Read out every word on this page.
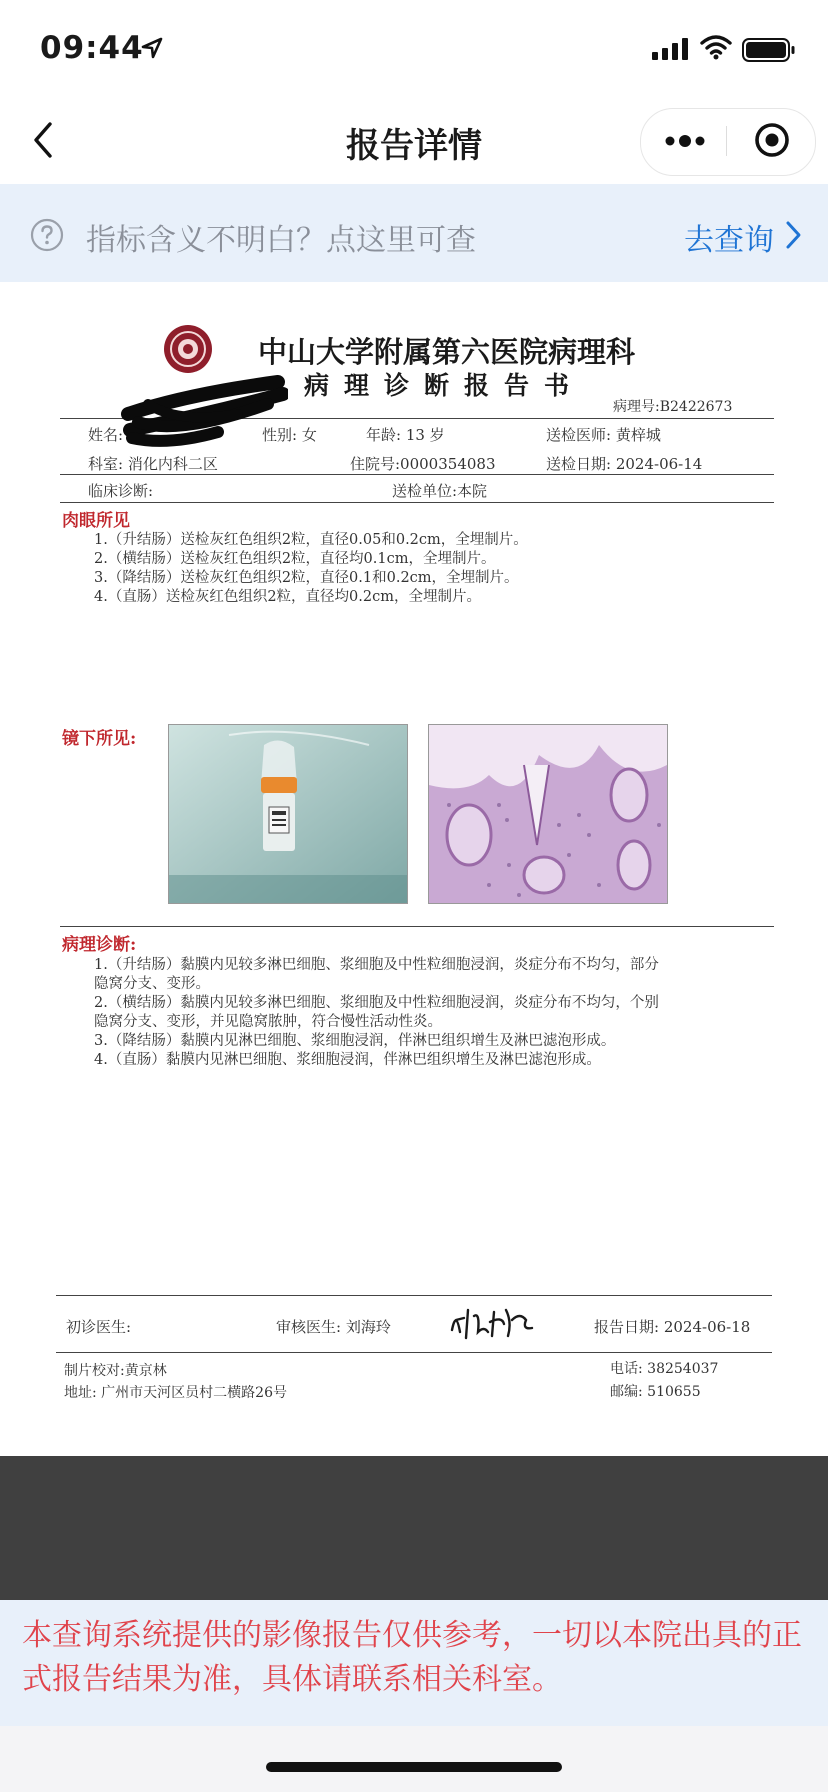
09:44
报告详情
指标含义不明白？点这里可查	去查询
中山大学附属第六医院病理科
病理诊断报告书
病理号:B2422673
姓名:	性别: 女	年龄: 13 岁	送检医师: 黄梓城
科室: 消化内科二区	住院号:0000354083	送检日期: 2024-06-14
临床诊断:	送检单位:本院
肉眼所见
1.（升结肠）送检灰红色组织2粒，直径0.05和0.2cm，全埋制片。
2.（横结肠）送检灰红色组织2粒，直径均0.1cm，全埋制片。
3.（降结肠）送检灰红色组织2粒，直径0.1和0.2cm，全埋制片。
4.（直肠）送检灰红色组织2粒，直径均0.2cm，全埋制片。
镜下所见:
病理诊断:
1.（升结肠）黏膜内见较多淋巴细胞、浆细胞及中性粒细胞浸润，炎症分布不均匀，部分
隐窝分支、变形。
2.（横结肠）黏膜内见较多淋巴细胞、浆细胞及中性粒细胞浸润，炎症分布不均匀，个别
隐窝分支、变形，并见隐窝脓肿，符合慢性活动性炎。
3.（降结肠）黏膜内见淋巴细胞、浆细胞浸润，伴淋巴组织增生及淋巴滤泡形成。
4.（直肠）黏膜内见淋巴细胞、浆细胞浸润，伴淋巴组织增生及淋巴滤泡形成。
初诊医生:	审核医生: 刘海玲	报告日期: 2024-06-18
制片校对:黄京林	电话: 38254037
地址: 广州市天河区员村二横路26号	邮编: 510655
本查询系统提供的影像报告仅供参考，一切以本院出具的正式报告结果为准，具体请联系相关科室。
